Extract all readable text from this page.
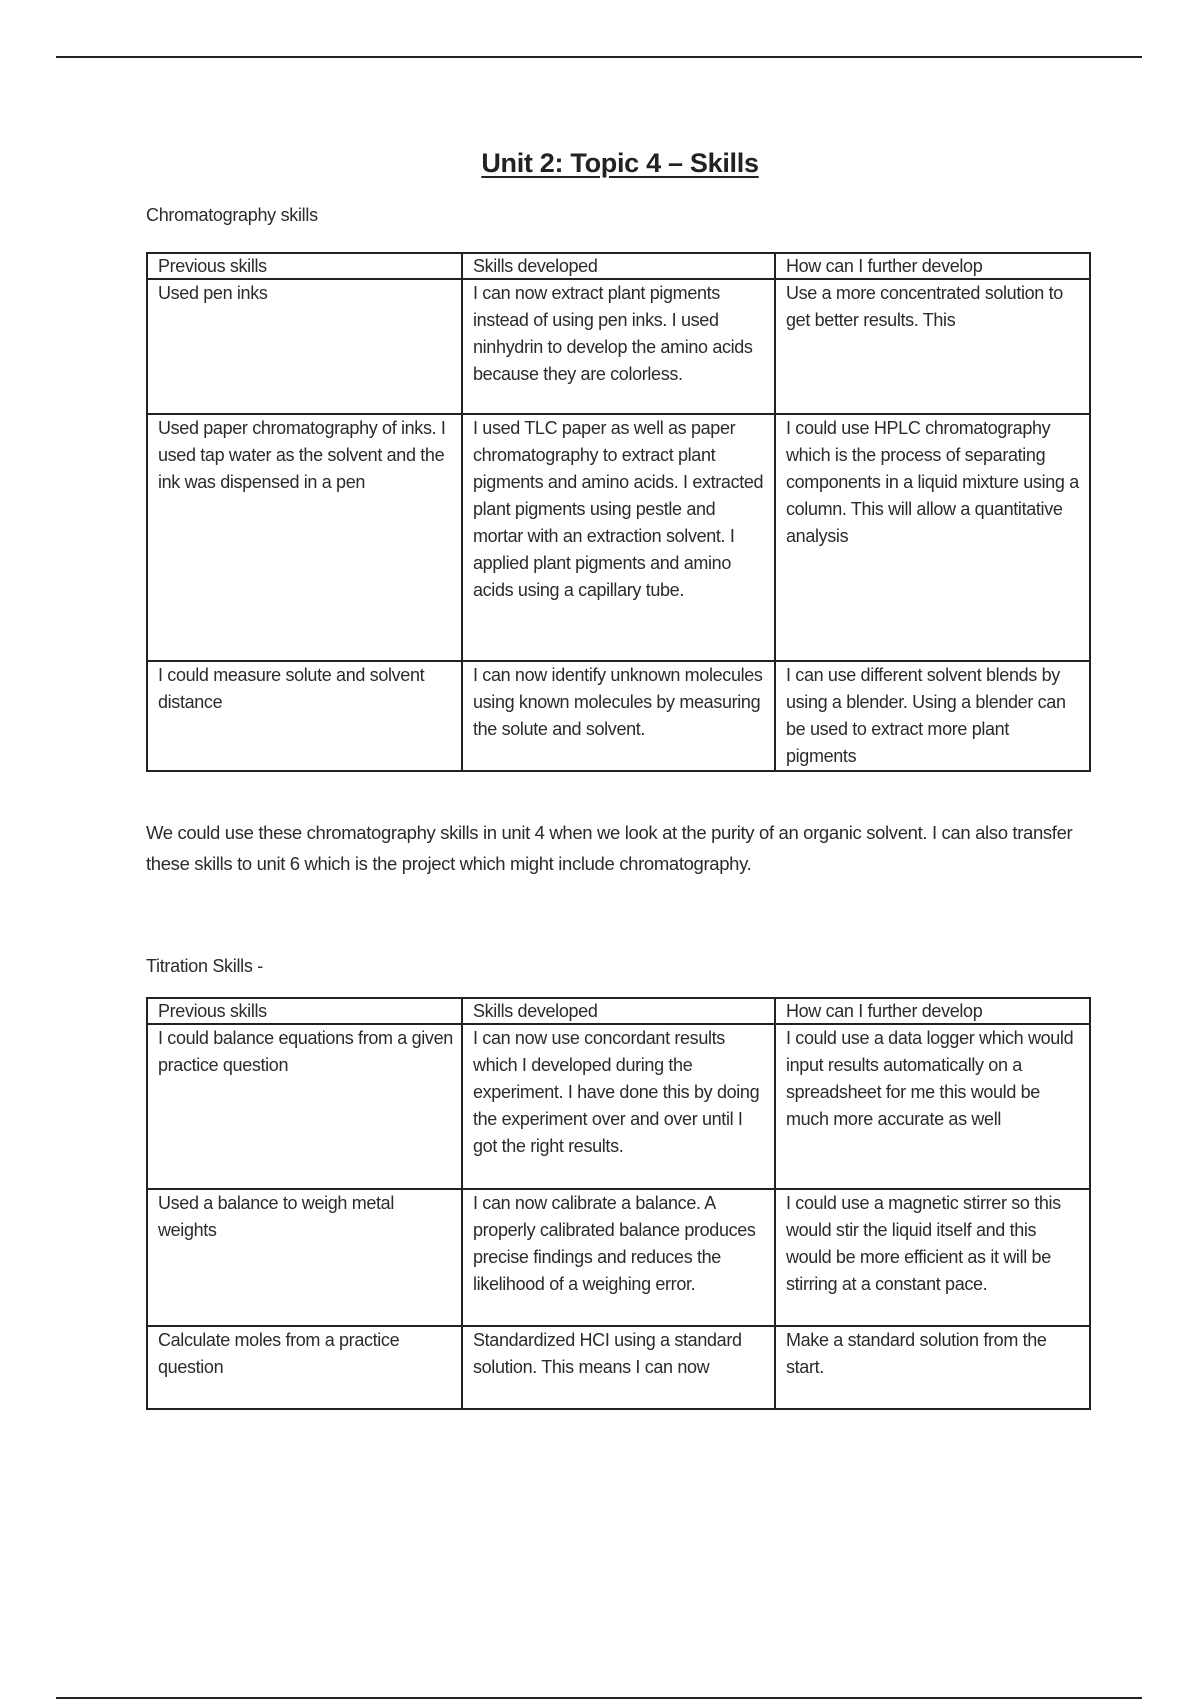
Unit 2: Topic 4 – Skills
Chromatography skills
Previous skills	Skills developed	How can I further develop
Used pen inks	I can now extract plant pigments instead of using pen inks. I used ninhydrin to develop the amino acids because they are colorless.	Use a more concentrated solution to get better results. This
Used paper chromatography of inks. I used tap water as the solvent and the ink was dispensed in a pen	I used TLC paper as well as paper chromatography to extract plant pigments and amino acids. I extracted plant pigments using pestle and mortar with an extraction solvent. I applied plant pigments and amino acids using a capillary tube.	I could use HPLC chromatography which is the process of separating components in a liquid mixture using a column. This will allow a quantitative analysis
I could measure solute and solvent distance	I can now identify unknown molecules using known molecules by measuring the solute and solvent.	I can use different solvent blends by using a blender. Using a blender can be used to extract more plant pigments

We could use these chromatography skills in unit 4 when we look at the purity of an organic solvent. I can also transfer these skills to unit 6 which is the project which might include chromatography.

Titration Skills -
Previous skills	Skills developed	How can I further develop
I could balance equations from a given practice question	I can now use concordant results which I developed during the experiment. I have done this by doing the experiment over and over until I got the right results.	I could use a data logger which would input results automatically on a spreadsheet for me this would be much more accurate as well
Used a balance to weigh metal weights	I can now calibrate a balance. A properly calibrated balance produces precise findings and reduces the likelihood of a weighing error.	I could use a magnetic stirrer so this would stir the liquid itself and this would be more efficient as it will be stirring at a constant pace.
Calculate moles from a practice question	Standardized HCI using a standard solution. This means I can now	Make a standard solution from the start.
